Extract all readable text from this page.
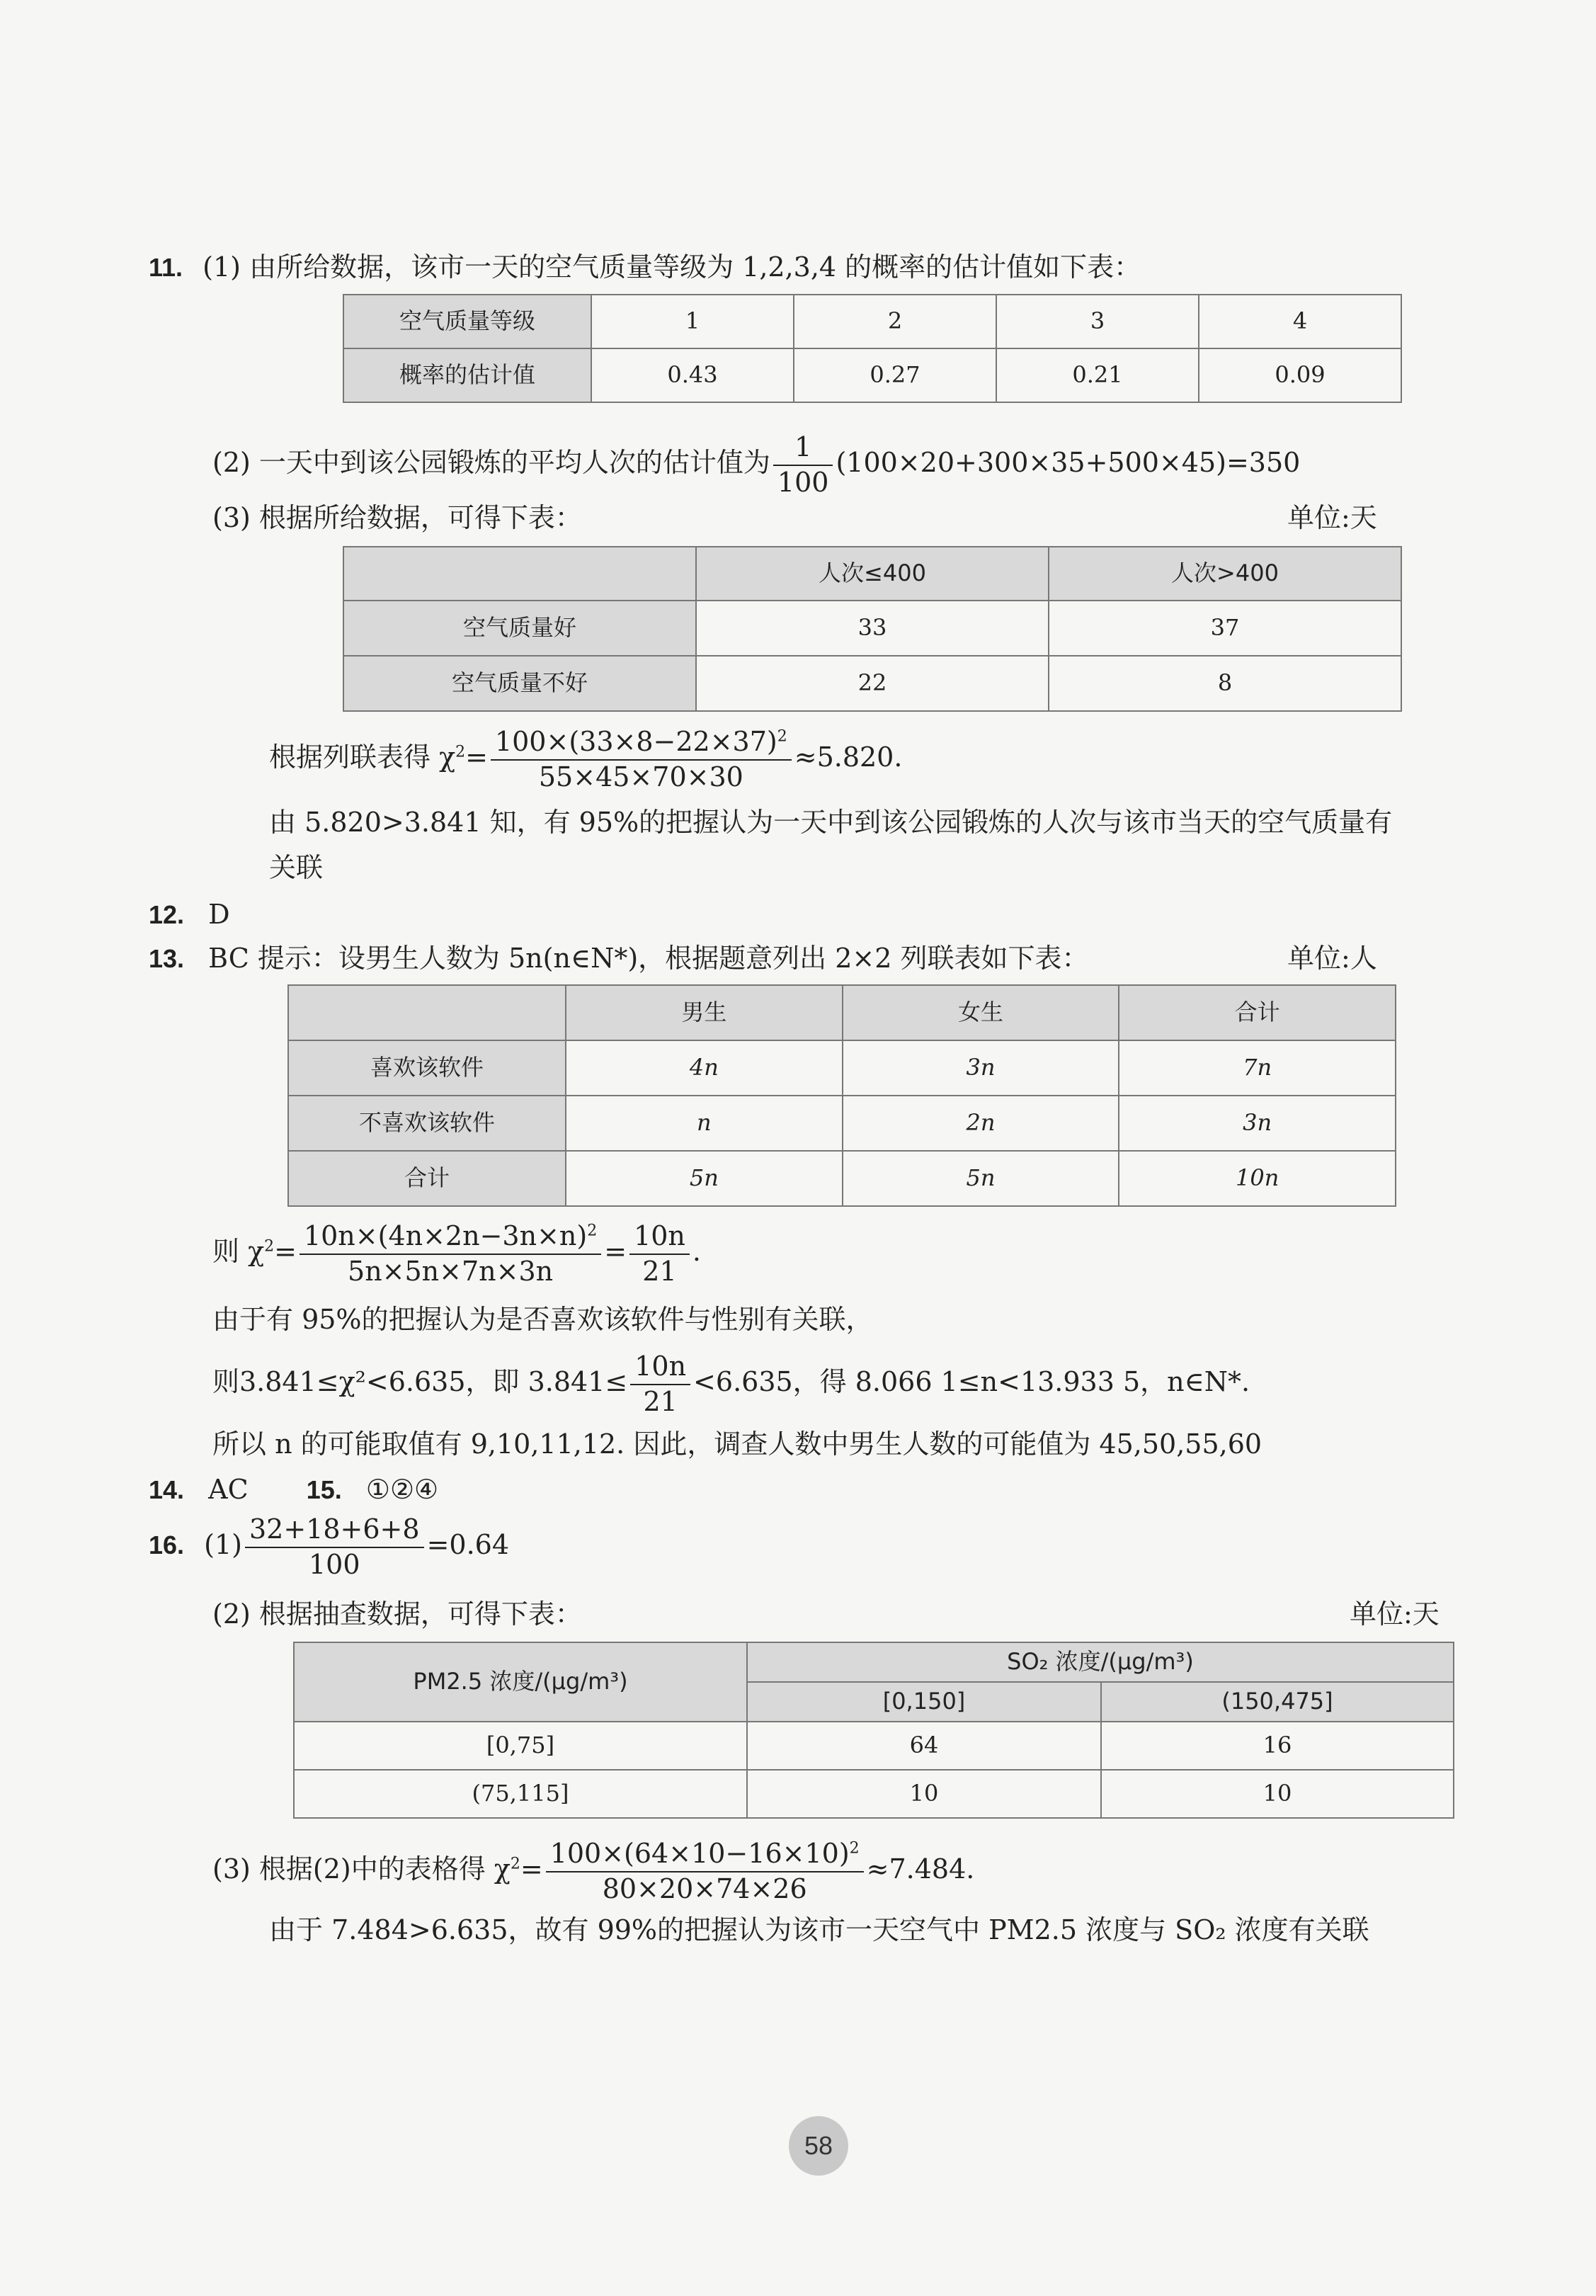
11. (1) 由所给数据，该市一天的空气质量等级为 1,2,3,4 的概率的估计值如下表：
空气质量等级	1	2	3	4
概率的估计值	0.43	0.27	0.21	0.09
(2) 一天中到该公园锻炼的平均人次的估计值为 $\frac{1}{100} (100\times 20+300\times 35+500\times 45)=350$
(3) 根据所给数据，可得下表：	单位:天
	人次≤400	人次>400
空气质量好	33	37
空气质量不好	22	8
根据列联表得 $\chi^2= \frac{100\times(33\times 8-22\times 37)^2}{55\times 45\times 70\times 30} \approx 5.820$.
由 5.820>3.841 知，有 95%的把握认为一天中到该公园锻炼的人次与该市当天的空气质量有
关联
12. D
13. BC 提示：设男生人数为 5n(n∈N*)，根据题意列出 2×2 列联表如下表：	单位:人
	男生	女生	合计
喜欢该软件	4n	3n	7n
不喜欢该软件	n	2n	3n
合计	5n	5n	10n
则 $\chi^2= \frac{10n\times(4n\times 2n-3n\times n)^2}{5n\times 5n\times 7n\times 3n} = \frac{10n}{21}$ .
由于有 95%的把握认为是否喜欢该软件与性别有关联，
则3.841≤χ²<6.635，即 $3.841\le \frac{10n}{21} <6.635$，得 8.066 1≤n<13.933 5，n∈N*.
所以 n 的可能取值有 9,10,11,12. 因此，调查人数中男生人数的可能值为 45,50,55,60
14. AC 15. ①②④
16. $(1) \frac{32+18+6+8}{100} =0.64$
(2) 根据抽查数据，可得下表：	单位:天
PM2.5 浓度/(μg/m³)	SO₂ 浓度/(μg/m³)	
	[0,150]	(150,475]
[0,75]	64	16
(75,115]	10	10
(3) 根据(2)中的表格得 $\chi^2= \frac{100\times(64\times 10-16\times 10)^2}{80\times 20\times 74\times 26} \approx 7.484$.
由于 7.484>6.635，故有 99%的把握认为该市一天空气中 PM2.5 浓度与 SO₂ 浓度有关联
58
